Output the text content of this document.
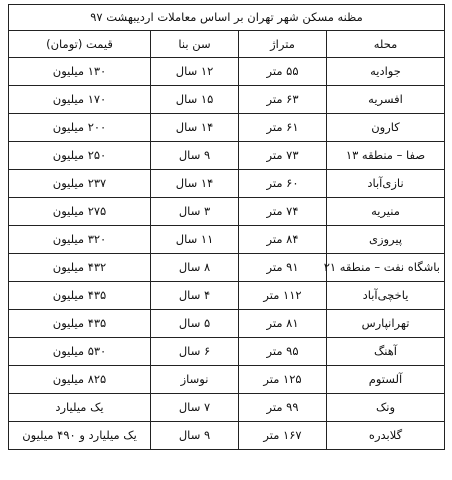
مظنه مسکن شهر تهران بر اساس معاملات اردیبهشت ۹۷			
محله	متراژ	سن بنا	قیمت (تومان)
جوادیه	۵۵ متر	۱۲ سال	۱۳۰ میلیون
افسریه	۶۳ متر	۱۵ سال	۱۷۰ میلیون
کارون	۶۱ متر	۱۴ سال	۲۰۰ میلیون
صفا – منطقه ۱۳	۷۳ متر	۹ سال	۲۵۰ میلیون
نازی‌آباد	۶۰ متر	۱۴ سال	۲۳۷ میلیون
منیریه	۷۴ متر	۳ سال	۲۷۵ میلیون
پیروزی	۸۴ متر	۱۱ سال	۳۲۰ میلیون
باشگاه نفت – منطقه ۲۱	۹۱ متر	۸ سال	۴۳۲ میلیون
یاخچی‌آباد	۱۱۲ متر	۴ سال	۴۳۵ میلیون
تهرانپارس	۸۱ متر	۵ سال	۴۳۵ میلیون
آهنگ	۹۵ متر	۶ سال	۵۳۰ میلیون
آلستوم	۱۲۵ متر	نوساز	۸۲۵ میلیون
ونک	۹۹ متر	۷ سال	یک میلیارد
گلابدره	۱۶۷ متر	۹ سال	یک میلیارد و ۴۹۰ میلیون
